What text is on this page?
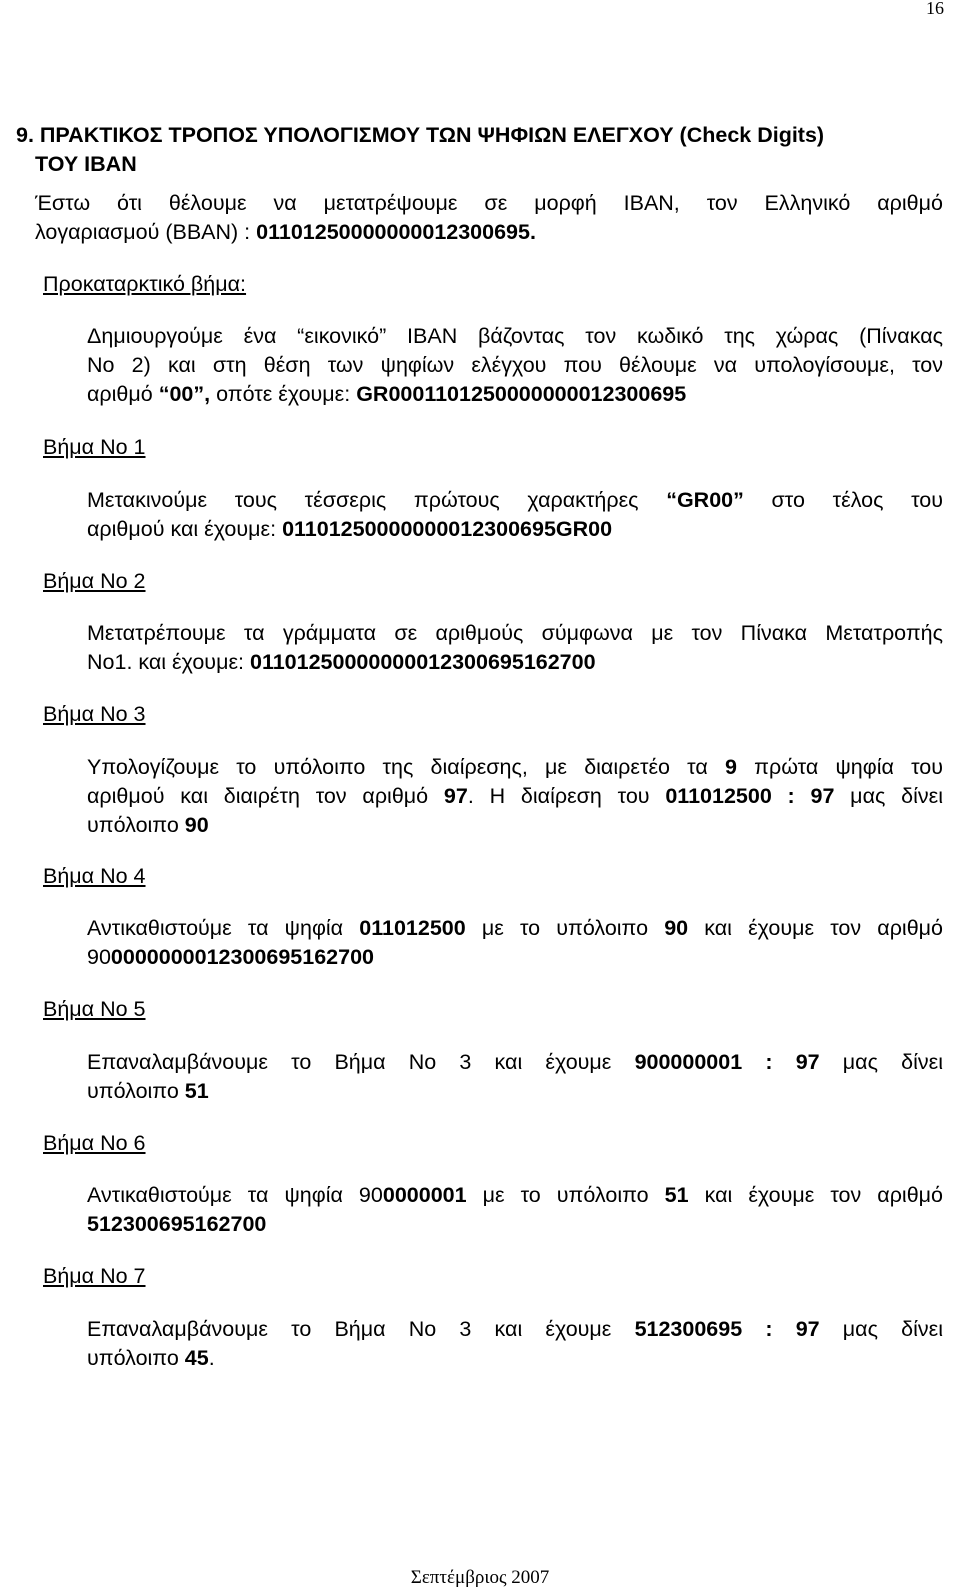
16
9. ΠΡΑΚΤΙΚΟΣ ΤΡΟΠΟΣ ΥΠΟΛΟΓΙΣΜΟΥ ΤΩΝ ΨΗΦΙΩΝ ΕΛΕΓΧΟΥ (Check Digits)
ΤΟΥ IBAN
Έστω ότι θέλουμε να μετατρέψουμε σε μορφή IBAN, τον Ελληνικό αριθμό
λογαριασμού (BBAN) : 01101250000000012300695.
Προκαταρκτικό βήμα:
Δημιουργούμε ένα “εικονικό” IBAN βάζοντας τον κωδικό της χώρας (Πίνακας
Νο 2) και στη θέση των ψηφίων ελέγχου που θέλουμε να υπολογίσουμε, τον
αριθμό “00”, οπότε έχουμε: GR0001101250000000012300695
Βήμα Νο 1
Μετακινούμε τους τέσσερις πρώτους χαρακτήρες “GR00” στο τέλος του
αριθμού και έχουμε: 01101250000000012300695GR00
Βήμα Νο 2
Μετατρέπουμε τα γράμματα σε αριθμούς σύμφωνα με τον Πίνακα Μετατροπής
Νο1. και έχουμε: 01101250000000012300695162700
Βήμα Νο 3
Υπολογίζουμε το υπόλοιπο της διαίρεσης, με διαιρετέο τα 9 πρώτα ψηφία του
αριθμού και διαιρέτη τον αριθμό 97. Η διαίρεση του 011012500 : 97 μας δίνει
υπόλοιπο 90
Βήμα Νο 4
Αντικαθιστούμε τα ψηφία 011012500 με το υπόλοιπο 90 και έχουμε τον αριθμό
900000000012300695162700
Βήμα Νο 5
Επαναλαμβάνουμε το Βήμα Νο 3 και έχουμε 900000001 : 97 μας δίνει
υπόλοιπο 51
Βήμα Νο 6
Αντικαθιστούμε τα ψηφία 900000001 με το υπόλοιπο 51 και έχουμε τον αριθμό
512300695162700
Βήμα Νο 7
Επαναλαμβάνουμε το Βήμα Νο 3 και έχουμε 512300695 : 97 μας δίνει
υπόλοιπο 45.
Σεπτέμβριος 2007
